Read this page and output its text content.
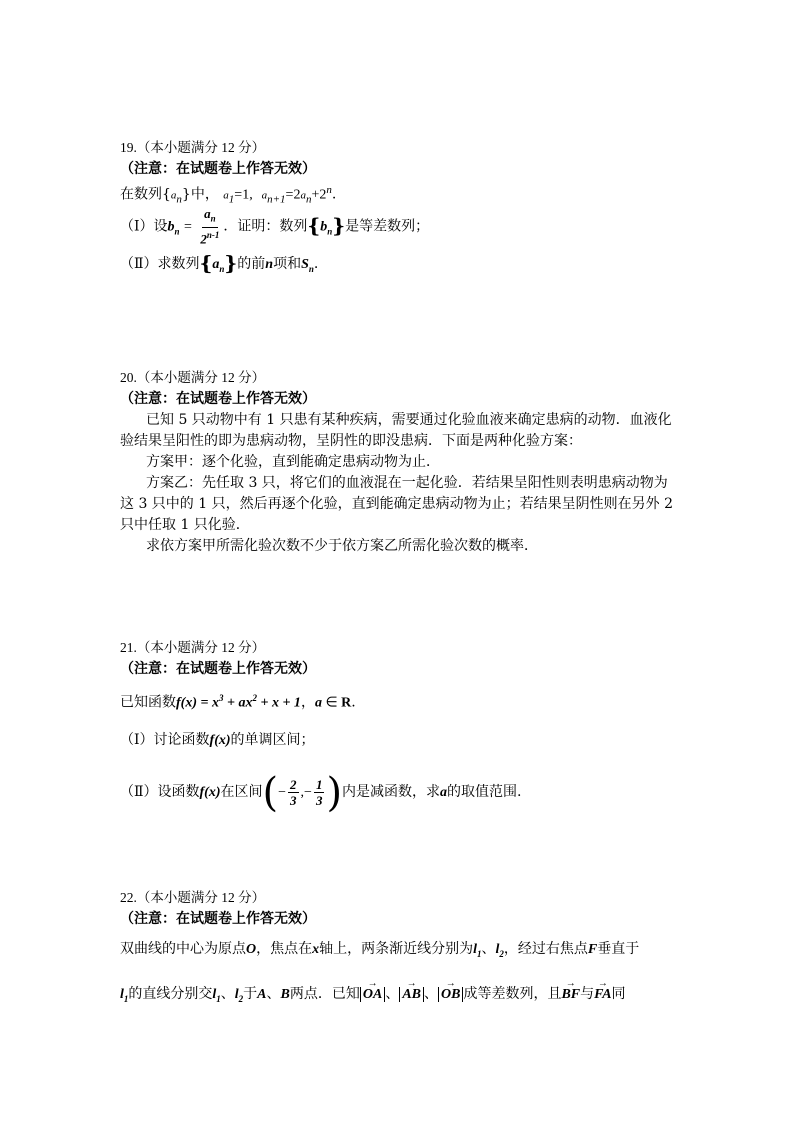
19.（本小题满分 12 分）
（注意：在试题卷上作答无效）
在数列$\{a_n\}$中， $a_1=1$, $a_{n+1}=2a_n+2^n$.
（Ⅰ）设$b_n = \frac{a_n}{2^{n-1}}$ ．证明：数列$\{b_n\}$是等差数列；
（Ⅱ）求数列$\{a_n\}$的前n项和$S_n$.
20.（本小题满分 12 分）
（注意：在试题卷上作答无效）
已知 5 只动物中有 1 只患有某种疾病，需要通过化验血液来确定患病的动物．血液化
验结果呈阳性的即为患病动物，呈阴性的即没患病．下面是两种化验方案：
方案甲：逐个化验，直到能确定患病动物为止．
方案乙：先任取 3 只，将它们的血液混在一起化验．若结果呈阳性则表明患病动物为
这 3 只中的 1 只，然后再逐个化验，直到能确定患病动物为止；若结果呈阴性则在另外 2
只中任取 1 只化验．
求依方案甲所需化验次数不少于依方案乙所需化验次数的概率．
21.（本小题满分 12 分）
（注意：在试题卷上作答无效）
已知函数$f(x) = x^3 + ax^2 + x + 1$，a ∈ R.
（Ⅰ）讨论函数f(x)的单调区间；
（Ⅱ）设函数f(x)在区间(− $\frac{2}{3}$ ,− $\frac{1}{3}$ )内是减函数，求a的取值范围.
22.（本小题满分 12 分）
（注意：在试题卷上作答无效）
双曲线的中心为原点O，焦点在x轴上，两条渐近线分别为$l_1$、$l_2$，经过右焦点F垂直于
$l_1$的直线分别交$l_1$、$l_2$于A、B两点．已知 → OA 、 → AB 、 → OB 成等差数列，且→ BF与→ FA同
